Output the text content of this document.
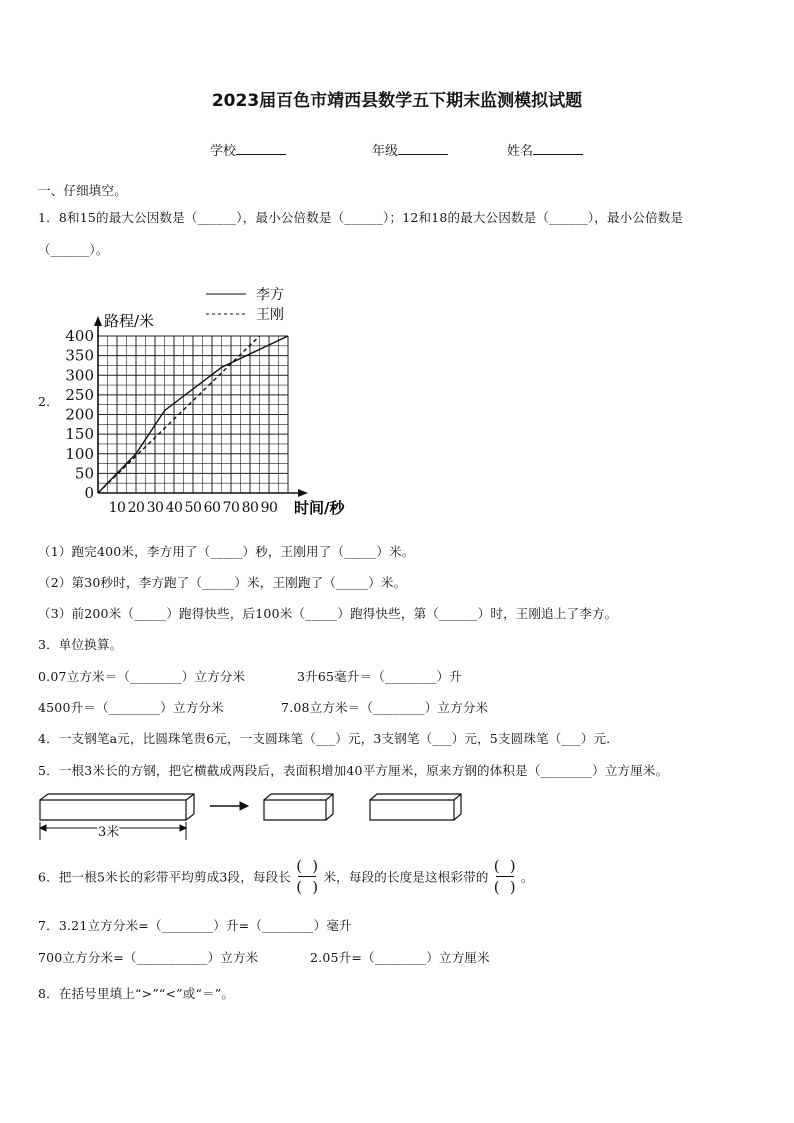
2023届百色市靖西县数学五下期末监测模拟试题
学校	年级	姓名
一、仔细填空。
1．8和15的最大公因数是（______），最小公倍数是（______）；12和18的最大公因数是（______），最小公倍数是
（______）。
2．
0
50
100
150
200
250
300
350
400
10 20 30 40 50 60 70 80 90
李方
王刚
路程/米
时间/秒
（1）跑完400米，李方用了（_____）秒，王刚用了（_____）米。
（2）第30秒时，李方跑了（_____）米，王刚跑了（_____）米。
（3）前200米（_____）跑得快些，后100米（_____）跑得快些，第（______）时，王刚追上了李方。
3．单位换算。
0.07立方米＝（________）立方分米	3升65毫升＝（________）升
4500升＝（________）立方分米	7.08立方米＝（________）立方分米
4．一支钢笔a元，比圆珠笔贵6元，一支圆珠笔（___）元，3支钢笔（___）元，5支圆珠笔（___）元．
5．一根3米长的方钢，把它横截成两段后，表面积增加40平方厘米，原来方钢的体积是（________）立方厘米。
3米
6．把一根5米长的彩带平均剪成3段，每段长 $\frac{( )}{( )}$ 米，每段的长度是这根彩带的 $\frac{( )}{( )}$ 。
7．3.21立方分米=（________）升=（________）毫升
700立方分米=（___________）立方米	2.05升=（________）立方厘米
8．在括号里填上“>”“<”或“＝”。
